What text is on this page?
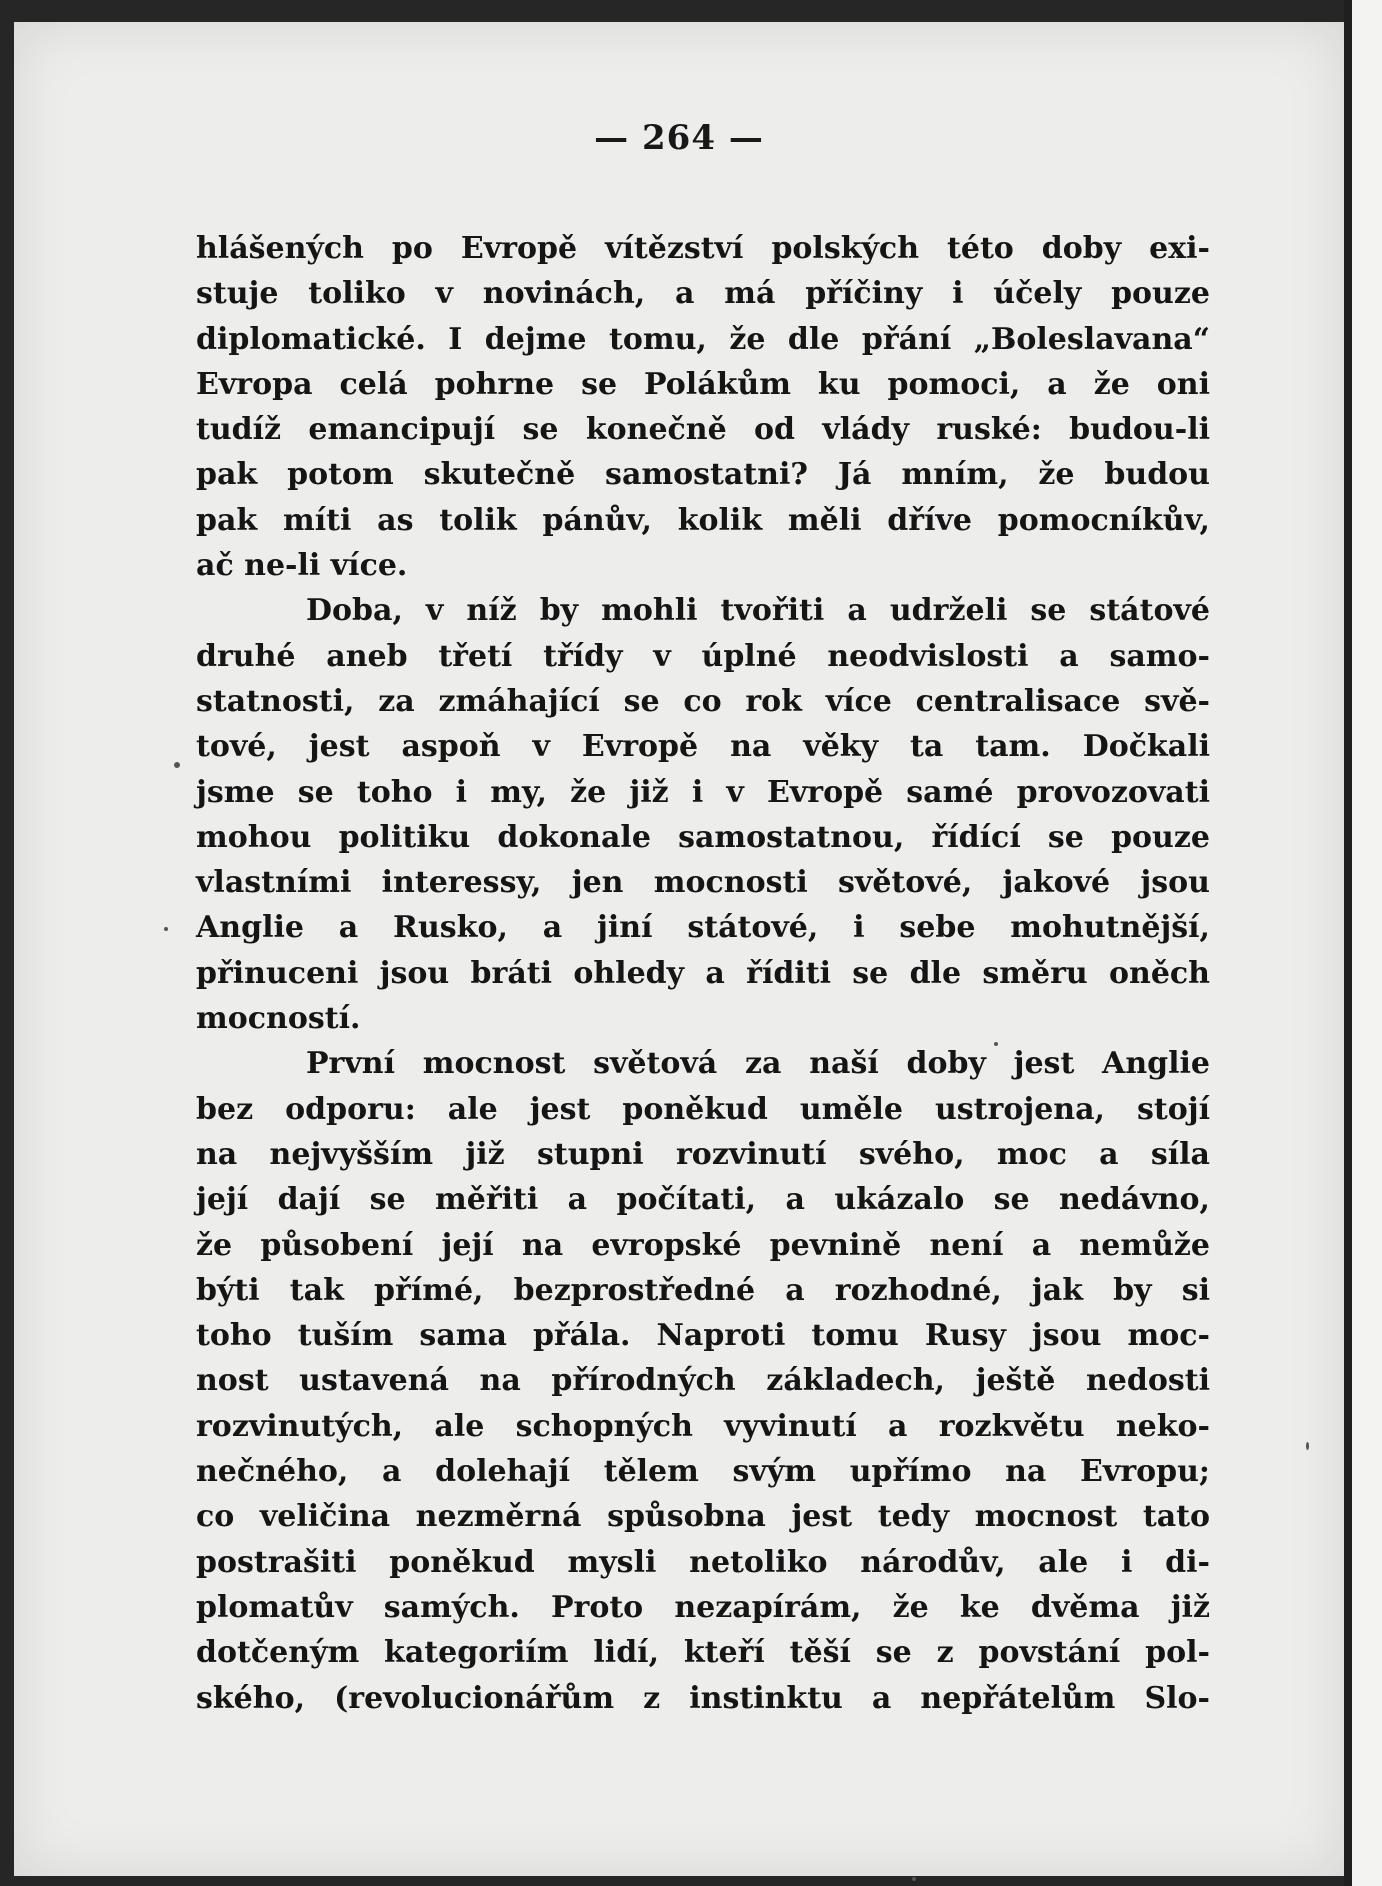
— 264 —
hlášených po Evropě vítězství polských této doby exi-
stuje toliko v novinách, a má příčiny i účely pouze
diplomatické. I dejme tomu, že dle přání „Boleslavana“
Evropa celá pohrne se Polákům ku pomoci, a že oni
tudíž emancipují se konečně od vlády ruské: budou-li
pak potom skutečně samostatni? Já mním, že budou
pak míti as tolik pánův, kolik měli dříve pomocníkův,
ač ne-li více.
Doba, v níž by mohli tvořiti a udrželi se státové
druhé aneb třetí třídy v úplné neodvislosti a samo-
statnosti, za zmáhající se co rok více centralisace svě-
tové, jest aspoň v Evropě na věky ta tam. Dočkali
jsme se toho i my, že již i v Evropě samé provozovati
mohou politiku dokonale samostatnou, řídící se pouze
vlastními interessy, jen mocnosti světové, jakové jsou
Anglie a Rusko, a jiní státové, i sebe mohutnější,
přinuceni jsou bráti ohledy a říditi se dle směru oněch
mocností.
První mocnost světová za naší doby jest Anglie
bez odporu: ale jest poněkud uměle ustrojena, stojí
na nejvyšším již stupni rozvinutí svého, moc a síla
její dají se měřiti a počítati, a ukázalo se nedávno,
že působení její na evropské pevnině není a nemůže
býti tak přímé, bezprostředné a rozhodné, jak by si
toho tuším sama přála. Naproti tomu Rusy jsou moc-
nost ustavená na přírodných základech, ještě nedosti
rozvinutých, ale schopných vyvinutí a rozkvětu neko-
nečného, a dolehají tělem svým upřímo na Evropu;
co veličina nezměrná spůsobna jest tedy mocnost tato
postrašiti poněkud mysli netoliko národův, ale i di-
plomatův samých. Proto nezapírám, že ke dvěma již
dotčeným kategoriím lidí, kteří těší se z povstání pol-
ského, (revolucionářům z instinktu a nepřátelům Slo-
